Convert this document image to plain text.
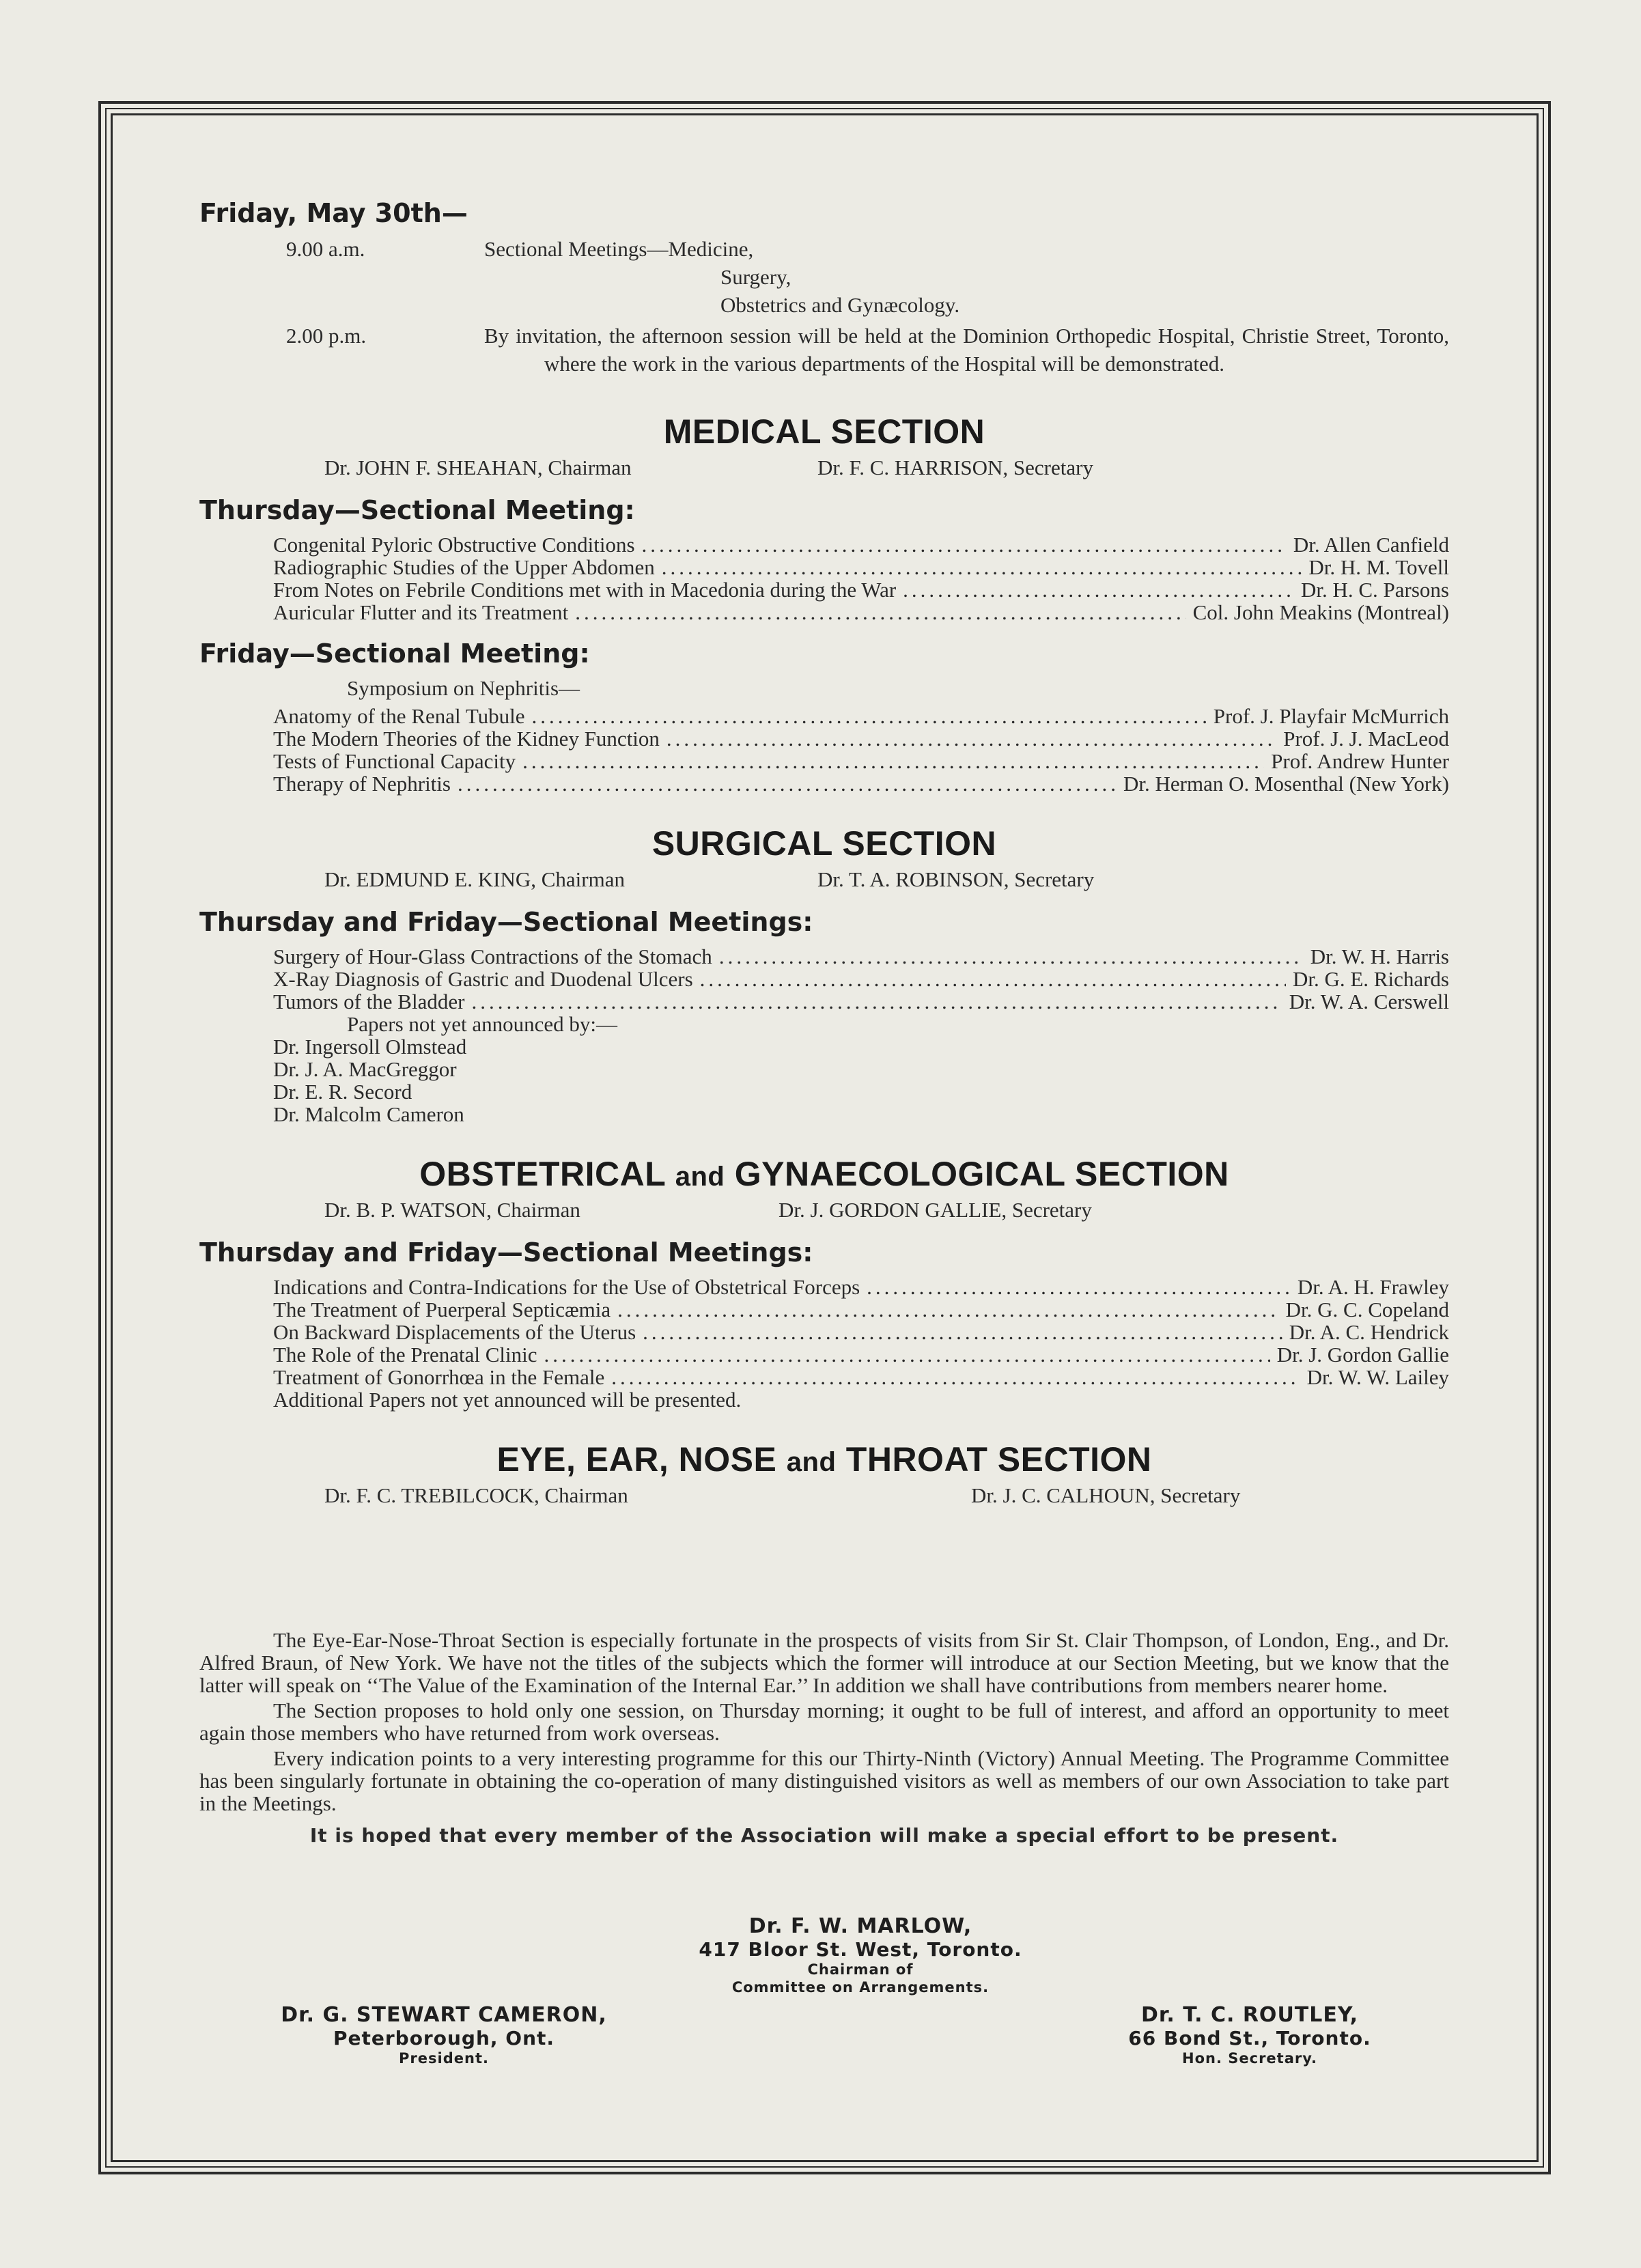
Friday, May 30th—
9.00 a.m.	Sectional Meetings—Medicine,
Surgery,
Obstetrics and Gynæcology.
2.00 p.m.	By invitation, the afternoon session will be held at the Dominion Orthopedic Hospital, Christie Street, Toronto, where the work in the various departments of the Hospital will be demonstrated.
MEDICAL SECTION
Dr. JOHN F. SHEAHAN, Chairman	Dr. F. C. HARRISON, Secretary
Thursday—Sectional Meeting:
Congenital Pyloric Obstructive Conditions .....	Dr. Allen Canfield
Radiographic Studies of the Upper Abdomen .....	Dr. H. M. Tovell
From Notes on Febrile Conditions met with in Macedonia during the War .....	Dr. H. C. Parsons
Auricular Flutter and its Treatment .....	Col. John Meakins (Montreal)
Friday—Sectional Meeting:
Symposium on Nephritis—
Anatomy of the Renal Tubule .....	Prof. J. Playfair McMurrich
The Modern Theories of the Kidney Function .....	Prof. J. J. MacLeod
Tests of Functional Capacity .....	Prof. Andrew Hunter
Therapy of Nephritis .....	Dr. Herman O. Mosenthal (New York)
SURGICAL SECTION
Dr. EDMUND E. KING, Chairman	Dr. T. A. ROBINSON, Secretary
Thursday and Friday—Sectional Meetings:
Surgery of Hour-Glass Contractions of the Stomach .....	Dr. W. H. Harris
X-Ray Diagnosis of Gastric and Duodenal Ulcers .....	Dr. G. E. Richards
Tumors of the Bladder .....	Dr. W. A. Cerswell
Papers not yet announced by:—
Dr. Ingersoll Olmstead
Dr. J. A. MacGreggor
Dr. E. R. Secord
Dr. Malcolm Cameron
OBSTETRICAL and GYNAECOLOGICAL SECTION
Dr. B. P. WATSON, Chairman	Dr. J. GORDON GALLIE, Secretary
Thursday and Friday—Sectional Meetings:
Indications and Contra-Indications for the Use of Obstetrical Forceps .....	Dr. A. H. Frawley
The Treatment of Puerperal Septicæmia .....	Dr. G. C. Copeland
On Backward Displacements of the Uterus .....	Dr. A. C. Hendrick
The Role of the Prenatal Clinic .....	Dr. J. Gordon Gallie
Treatment of Gonorrhœa in the Female .....	Dr. W. W. Lailey
Additional Papers not yet announced will be presented.
EYE, EAR, NOSE and THROAT SECTION
Dr. F. C. TREBILCOCK, Chairman	Dr. J. C. CALHOUN, Secretary

The Eye-Ear-Nose-Throat Section is especially fortunate in the prospects of visits from Sir St. Clair Thompson, of London, Eng., and Dr. Alfred Braun, of New York. We have not the titles of the subjects which the former will introduce at our Section Meeting, but we know that the latter will speak on ‘‘The Value of the Examination of the Internal Ear.’’ In addition we shall have contributions from members nearer home.

The Section proposes to hold only one session, on Thursday morning; it ought to be full of interest, and afford an opportunity to meet again those members who have returned from work overseas.

Every indication points to a very interesting programme for this our Thirty-Ninth (Victory) Annual Meeting. The Programme Committee has been singularly fortunate in obtaining the co-operation of many distinguished visitors as well as members of our own Association to take part in the Meetings.

It is hoped that every member of the Association will make a special effort to be present.

Dr. F. W. MARLOW,
417 Bloor St. West, Toronto.
Chairman of
Committee on Arrangements.
Dr. G. STEWART CAMERON,
Peterborough, Ont.
President.
Dr. T. C. ROUTLEY,
66 Bond St., Toronto.
Hon. Secretary.
